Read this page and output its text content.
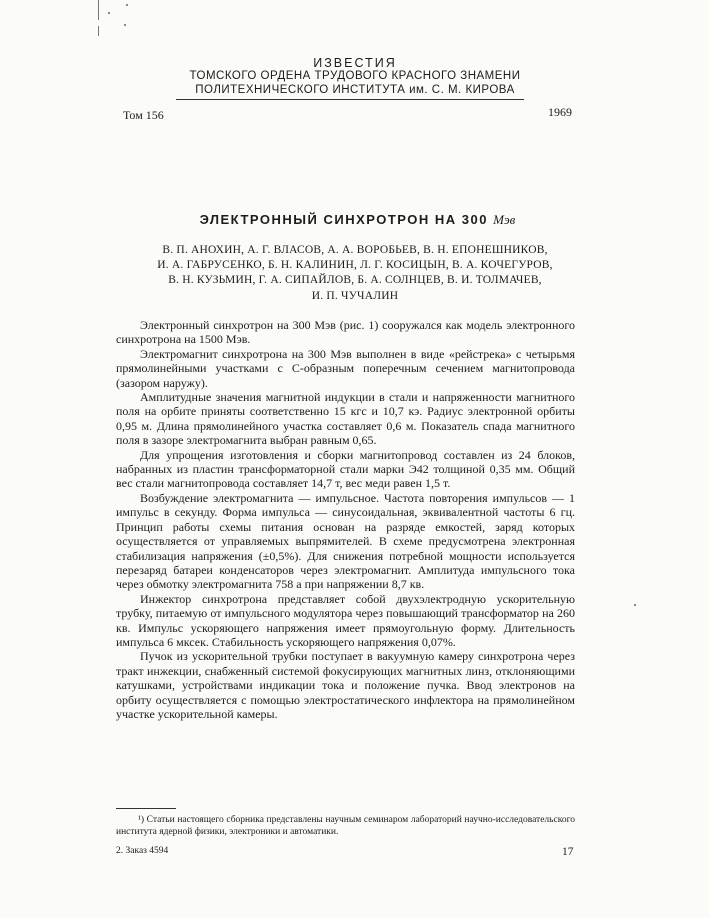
ИЗВЕСТИЯ
ТОМСКОГО ОРДЕНА ТРУДОВОГО КРАСНОГО ЗНАМЕНИ
ПОЛИТЕХНИЧЕСКОГО ИНСТИТУТА им. С. М. КИРОВА
Том 156	1969
ЭЛЕКТРОННЫЙ СИНХРОТРОН НА 300 Мэв
В. П. АНОХИН, А. Г. ВЛАСОВ, А. А. ВОРОБЬЕВ, В. Н. ЕПОНЕШНИКОВ,
И. А. ГАБРУСЕНКО, Б. Н. КАЛИНИН, Л. Г. КОСИЦЫН, В. А. КОЧЕГУРОВ,
В. Н. КУЗЬМИН, Г. А. СИПАЙЛОВ, Б. А. СОЛНЦЕВ, В. И. ТОЛМАЧЕВ,
И. П. ЧУЧАЛИН

Электронный синхротрон на 300 Мэв (рис. 1) сооружался как модель электронного синхротрона на 1500 Мэв.

Электромагнит синхротрона на 300 Мэв выполнен в виде «рейстрека» с четырьмя прямолинейными участками с С-образным поперечным сечением магнитопровода (зазором наружу).

Амплитудные значения магнитной индукции в стали и напряженности магнитного поля на орбите приняты соответственно 15 кгс и 10,7 кэ. Радиус электронной орбиты 0,95 м. Длина прямолинейного участка составляет 0,6 м. Показатель спада магнитного поля в зазоре электромагнита выбран равным 0,65.

Для упрощения изготовления и сборки магнитопровод составлен из 24 блоков, набранных из пластин трансформаторной стали марки Э42 толщиной 0,35 мм. Общий вес стали магнитопровода составляет 14,7 т, вес меди равен 1,5 т.

Возбуждение электромагнита — импульсное. Частота повторения импульсов — 1 импульс в секунду. Форма импульса — синусоидальная, эквивалентной частоты 6 гц. Принцип работы схемы питания основан на разряде емкостей, заряд которых осуществляется от управляемых выпрямителей. В схеме предусмотрена электронная стабилизация напряжения (±0,5%). Для снижения потребной мощности используется перезаряд батареи конденсаторов через электромагнит. Амплитуда импульсного тока через обмотку электромагнита 758 а при напряжении 8,7 кв.

Инжектор синхротрона представляет собой двухэлектродную ускорительную трубку, питаемую от импульсного модулятора через повышающий трансформатор на 260 кв. Импульс ускоряющего напряжения имеет прямоугольную форму. Длительность импульса 6 мксек. Стабильность ускоряющего напряжения 0,07%.

Пучок из ускорительной трубки поступает в вакуумную камеру синхротрона через тракт инжекции, снабженный системой фокусирующих магнитных линз, отклоняющими катушками, устройствами индикации тока и положение пучка. Ввод электронов на орбиту осуществляется с помощью электростатического инфлектора на прямолинейном участке ускорительной камеры.

¹) Статьи настоящего сборника представлены научным семинаром лабораторий научно-исследовательского института ядерной физики, электроники и автоматики.
2. Заказ 4594	17
